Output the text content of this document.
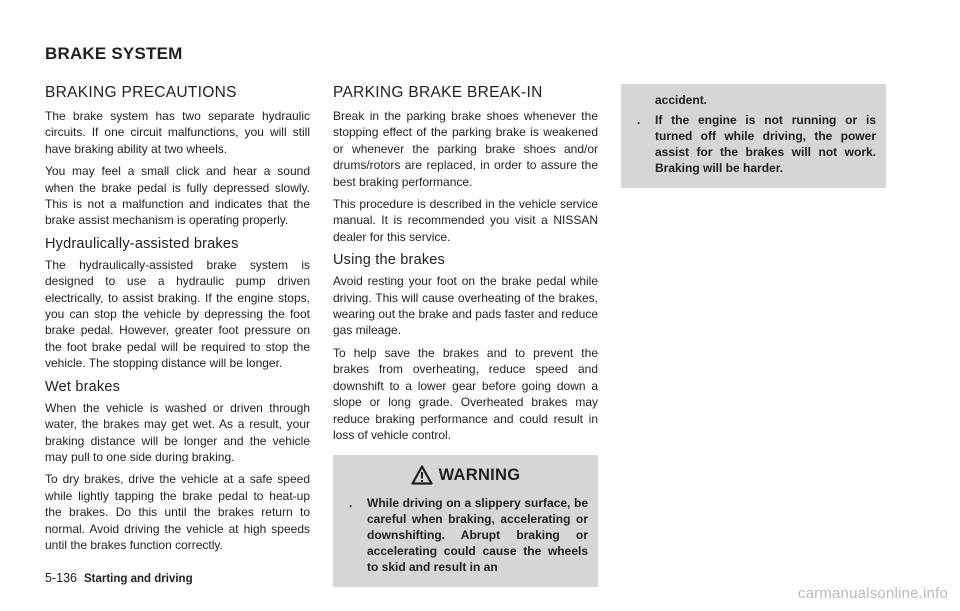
BRAKE SYSTEM
BRAKING PRECAUTIONS

The brake system has two separate hydraulic circuits. If one circuit malfunctions, you will still have braking ability at two wheels.

You may feel a small click and hear a sound when the brake pedal is fully depressed slowly. This is not a malfunction and indicates that the brake assist mechanism is operating properly.

Hydraulically-assisted brakes

The hydraulically-assisted brake system is designed to use a hydraulic pump driven electrically, to assist braking. If the engine stops, you can stop the vehicle by depressing the foot brake pedal. However, greater foot pressure on the foot brake pedal will be required to stop the vehicle. The stopping distance will be longer.

Wet brakes

When the vehicle is washed or driven through water, the brakes may get wet. As a result, your braking distance will be longer and the vehicle may pull to one side during braking.

To dry brakes, drive the vehicle at a safe speed while lightly tapping the brake pedal to heat-up the brakes. Do this until the brakes return to normal. Avoid driving the vehicle at high speeds until the brakes function correctly.

PARKING BRAKE BREAK-IN

Break in the parking brake shoes whenever the stopping effect of the parking brake is weakened or whenever the parking brake shoes and/or drums/rotors are replaced, in order to assure the best braking performance.

This procedure is described in the vehicle service manual. It is recommended you visit a NISSAN dealer for this service.

Using the brakes

Avoid resting your foot on the brake pedal while driving. This will cause overheating of the brakes, wearing out the brake and pads faster and reduce gas mileage.

To help save the brakes and to prevent the brakes from overheating, reduce speed and downshift to a lower gear before going down a slope or long grade. Overheated brakes may reduce braking performance and could result in loss of vehicle control.

WARNING
. While driving on a slippery surface, be careful when braking, accelerating or downshifting. Abrupt braking or accelerating could cause the wheels to skid and result in an
accident.
. If the engine is not running or is turned off while driving, the power assist for the brakes will not work. Braking will be harder.
5-136 Starting and driving
carmanualsonline.info
